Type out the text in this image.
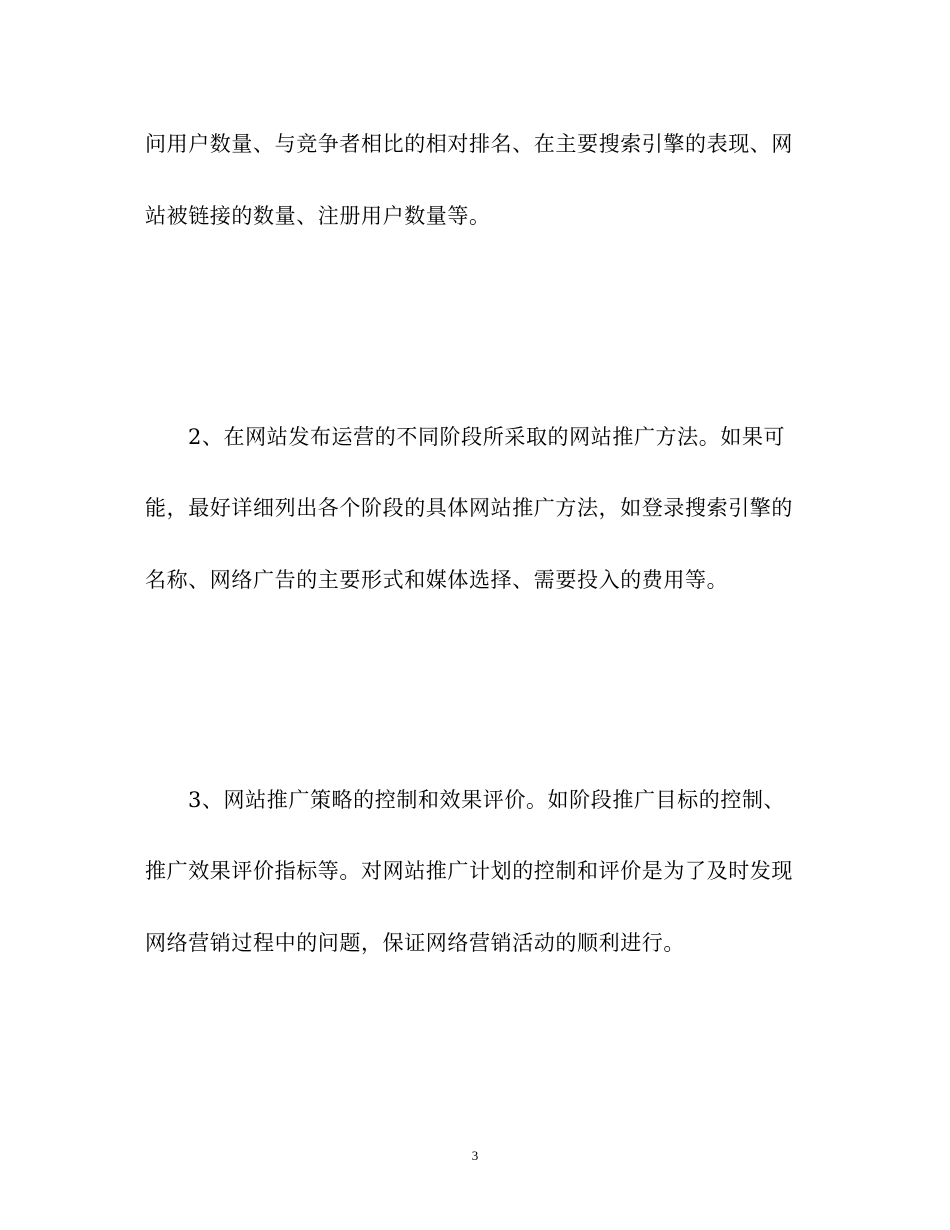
问用户数量、与竞争者相比的相对排名、在主要搜索引擎的表现、网
站被链接的数量、注册用户数量等。
2、在网站发布运营的不同阶段所采取的网站推广方法。如果可
能，最好详细列出各个阶段的具体网站推广方法，如登录搜索引擎的
名称、网络广告的主要形式和媒体选择、需要投入的费用等。
3、网站推广策略的控制和效果评价。如阶段推广目标的控制、
推广效果评价指标等。对网站推广计划的控制和评价是为了及时发现
网络营销过程中的问题，保证网络营销活动的顺利进行。
3
